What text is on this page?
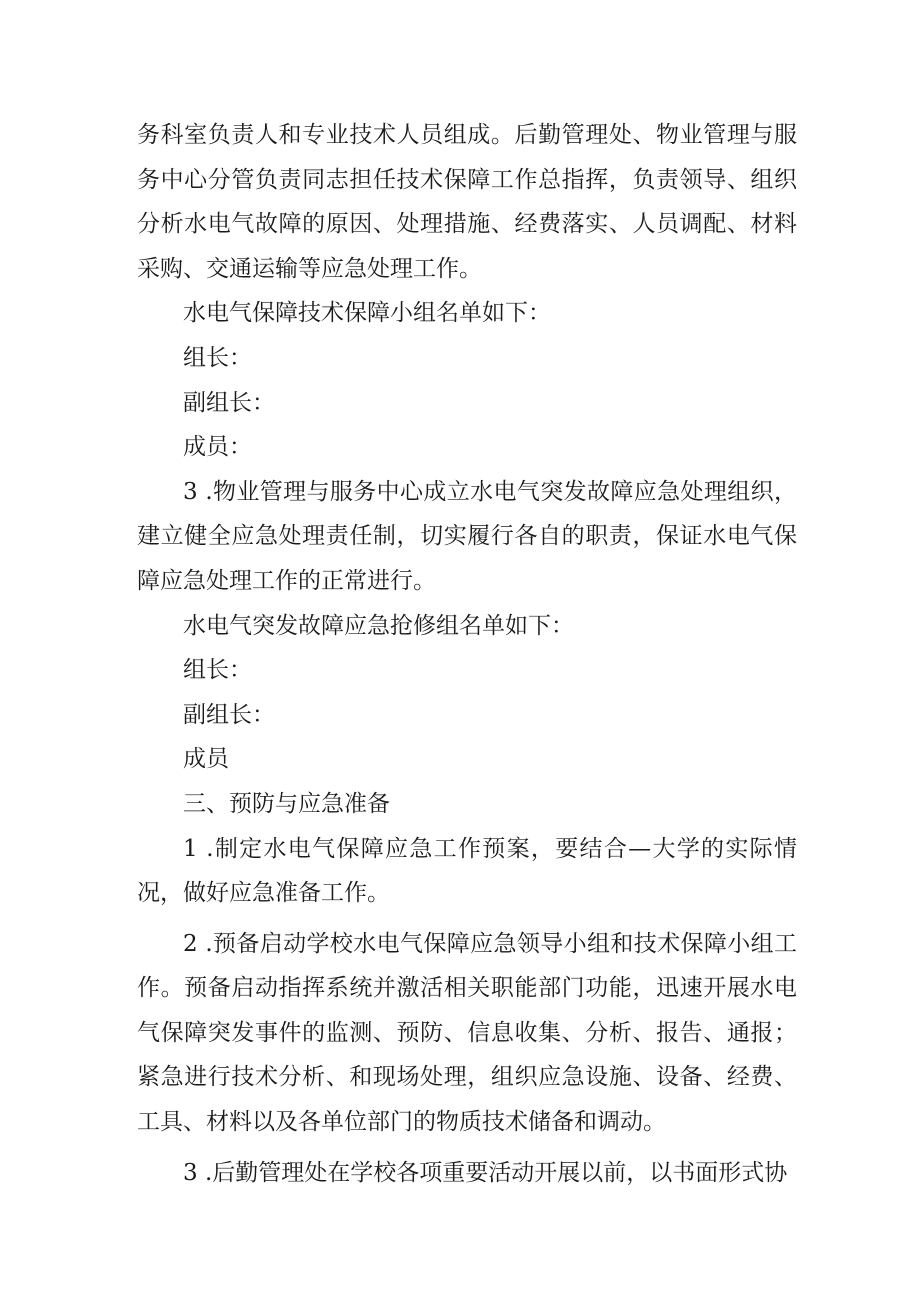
务科室负责人和专业技术人员组成。后勤管理处、物业管理与服务中心分管负责同志担任技术保障工作总指挥，负责领导、组织分析水电气故障的原因、处理措施、经费落实、人员调配、材料采购、交通运输等应急处理工作。

水电气保障技术保障小组名单如下：

组长：

副组长：

成员：

3 .物业管理与服务中心成立水电气突发故障应急处理组织，建立健全应急处理责任制，切实履行各自的职责，保证水电气保障应急处理工作的正常进行。

水电气突发故障应急抢修组名单如下：

组长：

副组长：

成员

三、预防与应急准备

1 .制定水电气保障应急工作预案，要结合—大学的实际情况，做好应急准备工作。

2 .预备启动学校水电气保障应急领导小组和技术保障小组工作。预备启动指挥系统并激活相关职能部门功能，迅速开展水电气保障突发事件的监测、预防、信息收集、分析、报告、通报；紧急进行技术分析、和现场处理，组织应急设施、设备、经费、工具、材料以及各单位部门的物质技术储备和调动。

3 .后勤管理处在学校各项重要活动开展以前，以书面形式协
